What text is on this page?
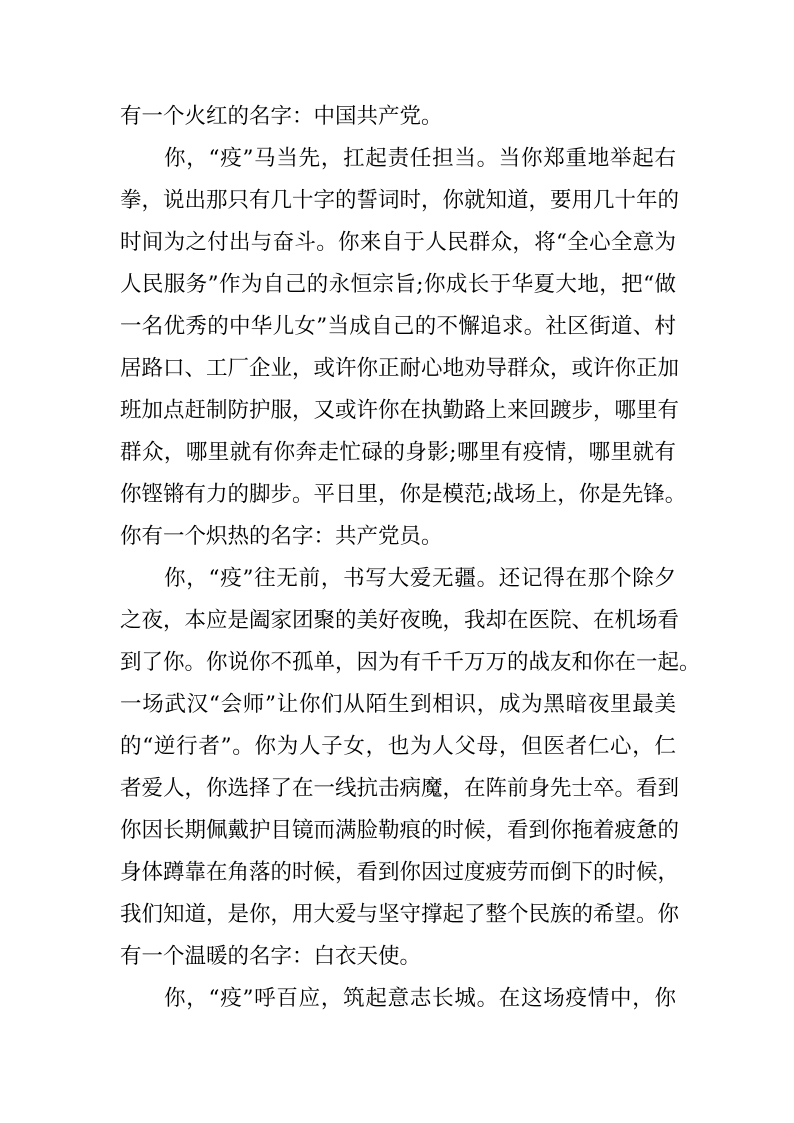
有一个火红的名字：中国共产党。
你，“疫”马当先，扛起责任担当。当你郑重地举起右
拳，说出那只有几十字的誓词时，你就知道，要用几十年的
时间为之付出与奋斗。你来自于人民群众，将“全心全意为
人民服务”作为自己的永恒宗旨;你成长于华夏大地，把“做
一名优秀的中华儿女”当成自己的不懈追求。社区街道、村
居路口、工厂企业，或许你正耐心地劝导群众，或许你正加
班加点赶制防护服，又或许你在执勤路上来回踱步，哪里有
群众，哪里就有你奔走忙碌的身影;哪里有疫情，哪里就有
你铿锵有力的脚步。平日里，你是模范;战场上，你是先锋。
你有一个炽热的名字：共产党员。
你，“疫”往无前，书写大爱无疆。还记得在那个除夕
之夜，本应是阖家团聚的美好夜晚，我却在医院、在机场看
到了你。你说你不孤单，因为有千千万万的战友和你在一起。
一场武汉“会师”让你们从陌生到相识，成为黑暗夜里最美
的“逆行者”。你为人子女，也为人父母，但医者仁心，仁
者爱人，你选择了在一线抗击病魔，在阵前身先士卒。看到
你因长期佩戴护目镜而满脸勒痕的时候，看到你拖着疲惫的
身体蹲靠在角落的时候，看到你因过度疲劳而倒下的时候，
我们知道，是你，用大爱与坚守撑起了整个民族的希望。你
有一个温暖的名字：白衣天使。
你，“疫”呼百应，筑起意志长城。在这场疫情中，你
